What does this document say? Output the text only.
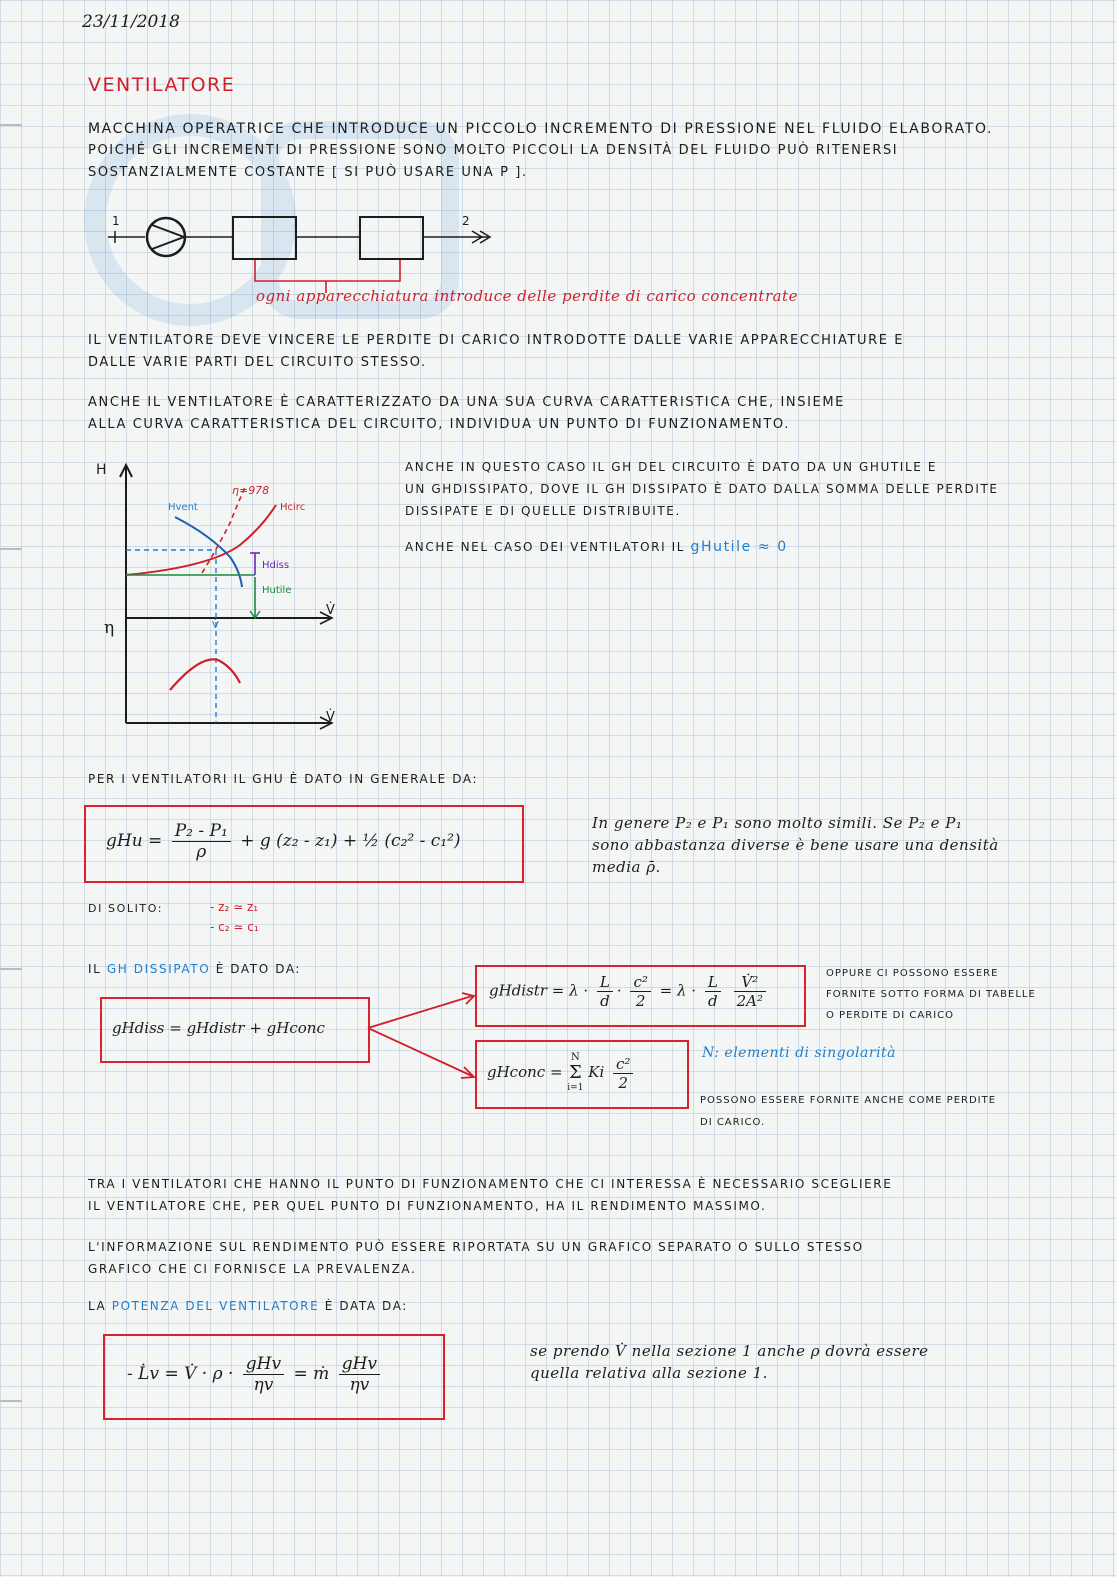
23/11/2018
VENTILATORE
MACCHINA OPERATRICE CHE INTRODUCE UN PICCOLO INCREMENTO DI PRESSIONE NEL FLUIDO ELABORATO.
POICHÉ GLI INCREMENTI DI PRESSIONE SONO MOLTO PICCOLI LA DENSITÀ DEL FLUIDO PUÒ RITENERSI
SOSTANZIALMENTE COSTANTE [ SI PUÒ USARE UNA Ρ̄ ].
1	2
ogni apparecchiatura introduce delle perdite di carico concentrate
IL VENTILATORE DEVE VINCERE LE PERDITE DI CARICO INTRODOTTE DALLE VARIE APPARECCHIATURE E
DALLE VARIE PARTI DEL CIRCUITO STESSO.
ANCHE IL VENTILATORE È CARATTERIZZATO DA UNA SUA CURVA CARATTERISTICA CHE, INSIEME
ALLA CURVA CARATTERISTICA DEL CIRCUITO, INDIVIDUA UN PUNTO DI FUNZIONAMENTO.
H
η
V̇
V̇
Hvent	Hcirc
η=978
Hdiss
Hutile
V̇
ANCHE IN QUESTO CASO IL GH DEL CIRCUITO È DATO DA UN GHUTILE E
UN GHDISSIPATO, DOVE IL GH DISSIPATO È DATO DALLA SOMMA DELLE PERDITE
DISSIPATE E DI QUELLE DISTRIBUITE.
ANCHE NEL CASO DEI VENTILATORI IL gHutile ≈ 0
PER I VENTILATORI IL GHU È DATO IN GENERALE DA:
gHu = $\frac{\text{P₂ - P₁}}{\rho} + g$ (z₂ - z₁) + ½ (c₂² - c₁²)
In genere P₂ e P₁ sono molto simili. Se P₂ e P₁
sono abbastanza diverse è bene usare una densità
media ρ̄.
DI SOLITO:	- z₂ ≃ z₁
- c₂ ≃ c₁
IL GH DISSIPATO È DATO DA:
gHdiss = gHdistr + gHconc
gHdistr = $\lambda \cdot \frac{L}{d} \cdot \frac{\text{c²}}{2} = \lambda \cdot \frac{L}{d}$
$\frac{\text{V̇²}}{\text{2A²}}$	OPPURE CI POSSONO ESSERE
FORNITE SOTTO FORMA DI TABELLE
O PERDITE DI CARICO
gHconc =
N
Σ
i=1
Ki $\frac{\text{c²}}{2}$
N: elementi di singolarità
POSSONO ESSERE FORNITE ANCHE COME PERDITE
DI CARICO.
TRA I VENTILATORI CHE HANNO IL PUNTO DI FUNZIONAMENTO CHE CI INTERESSA È NECESSARIO SCEGLIERE
IL VENTILATORE CHE, PER QUEL PUNTO DI FUNZIONAMENTO, HA IL RENDIMENTO MASSIMO.
L'INFORMAZIONE SUL RENDIMENTO PUÒ ESSERE RIPORTATA SU UN GRAFICO SEPARATO O SULLO STESSO
GRAFICO CHE CI FORNISCE LA PREVALENZA.
LA POTENZA DEL VENTILATORE È DATA DA:
- L̇v = V̇ · $\rho \cdot \frac{\text{gHv}}{\eta v}$ = ṁ $\frac{\text{gHv}}{\eta v}$
se prendo V̇ nella sezione 1 anche ρ dovrà essere
quella relativa alla sezione 1.
